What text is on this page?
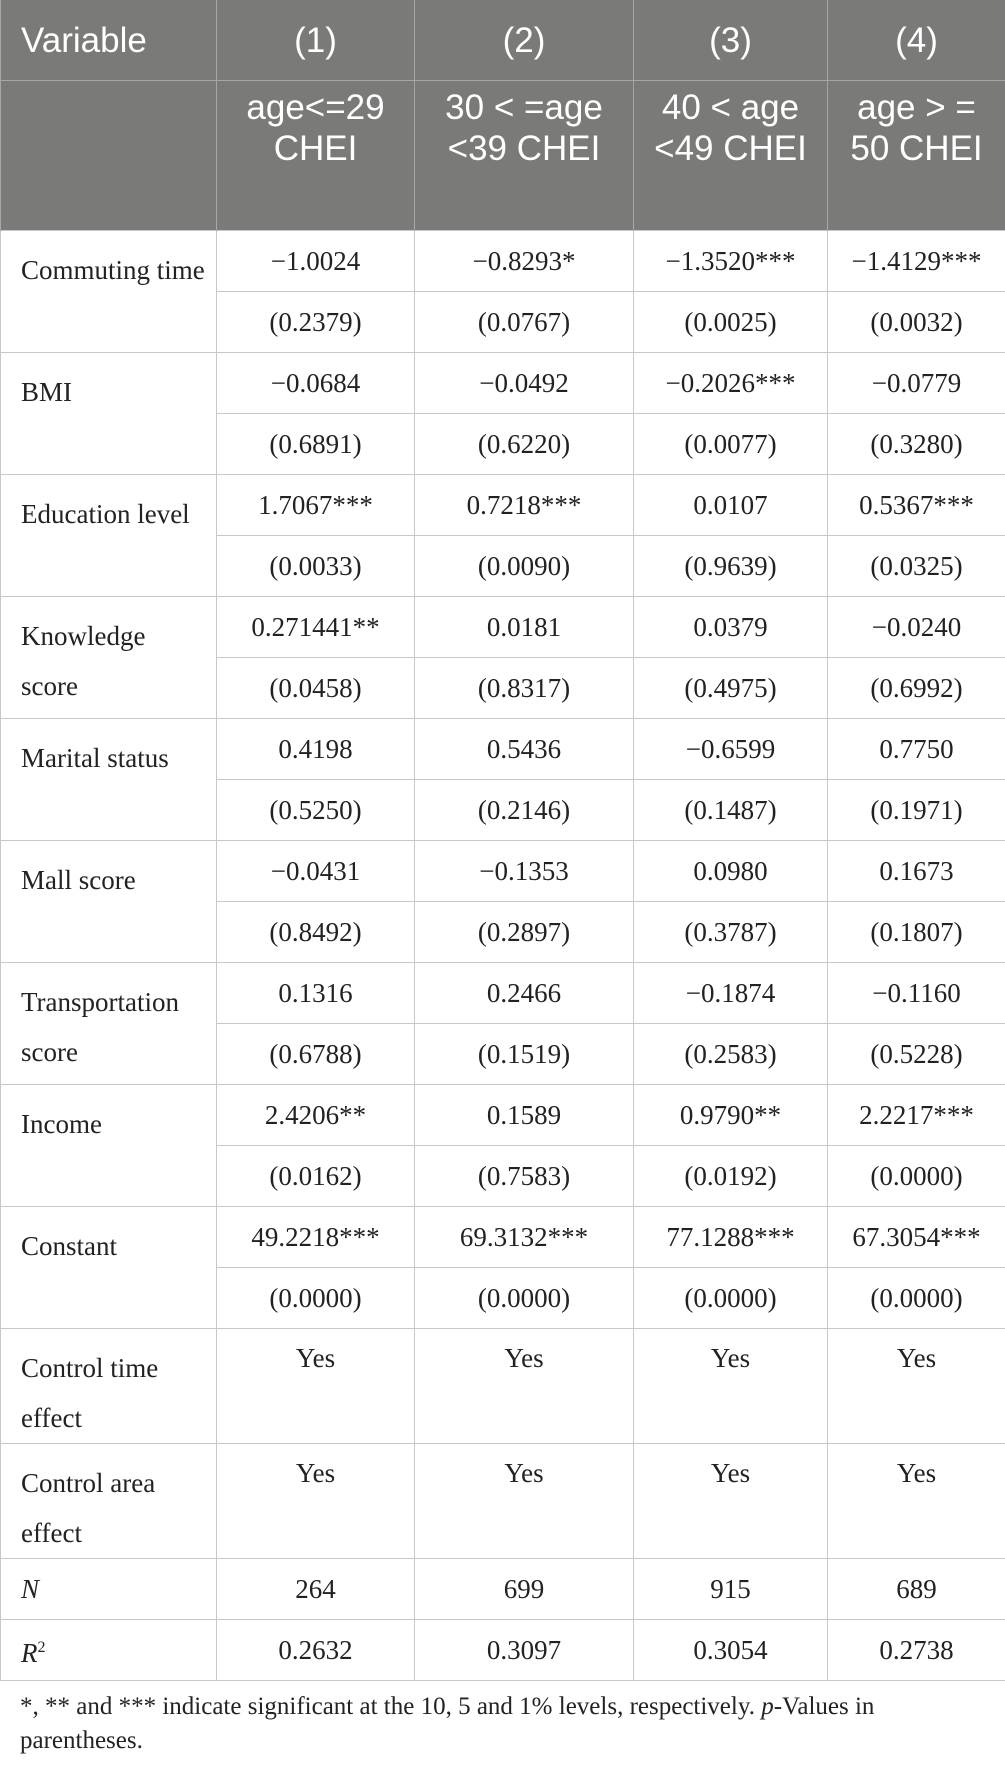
Variable	(1)	(2)	(3)	(4)
	age<=29 CHEI	30 < =age <39 CHEI	40 < age <49 CHEI	age > = 50 CHEI
Commuting time	−1.0024	−0.8293*	−1.3520***	−1.4129***
	(0.2379)	(0.0767)	(0.0025)	(0.0032)
BMI	−0.0684	−0.0492	−0.2026***	−0.0779
	(0.6891)	(0.6220)	(0.0077)	(0.3280)
Education level	1.7067***	0.7218***	0.0107	0.5367***
	(0.0033)	(0.0090)	(0.9639)	(0.0325)
Knowledge score	0.271441**	0.0181	0.0379	−0.0240
	(0.0458)	(0.8317)	(0.4975)	(0.6992)
Marital status	0.4198	0.5436	−0.6599	0.7750
	(0.5250)	(0.2146)	(0.1487)	(0.1971)
Mall score	−0.0431	−0.1353	0.0980	0.1673
	(0.8492)	(0.2897)	(0.3787)	(0.1807)
Transportation score	0.1316	0.2466	−0.1874	−0.1160
	(0.6788)	(0.1519)	(0.2583)	(0.5228)
Income	2.4206**	0.1589	0.9790**	2.2217***
	(0.0162)	(0.7583)	(0.0192)	(0.0000)
Constant	49.2218***	69.3132***	77.1288***	67.3054***
	(0.0000)	(0.0000)	(0.0000)	(0.0000)
Control time effect	Yes	Yes	Yes	Yes
Control area effect	Yes	Yes	Yes	Yes
N	264	699	915	689
$R^2$	0.2632	0.3097	0.3054	0.2738
*, ** and *** indicate significant at the 10, 5 and 1% levels, respectively. p-Values in parentheses.
